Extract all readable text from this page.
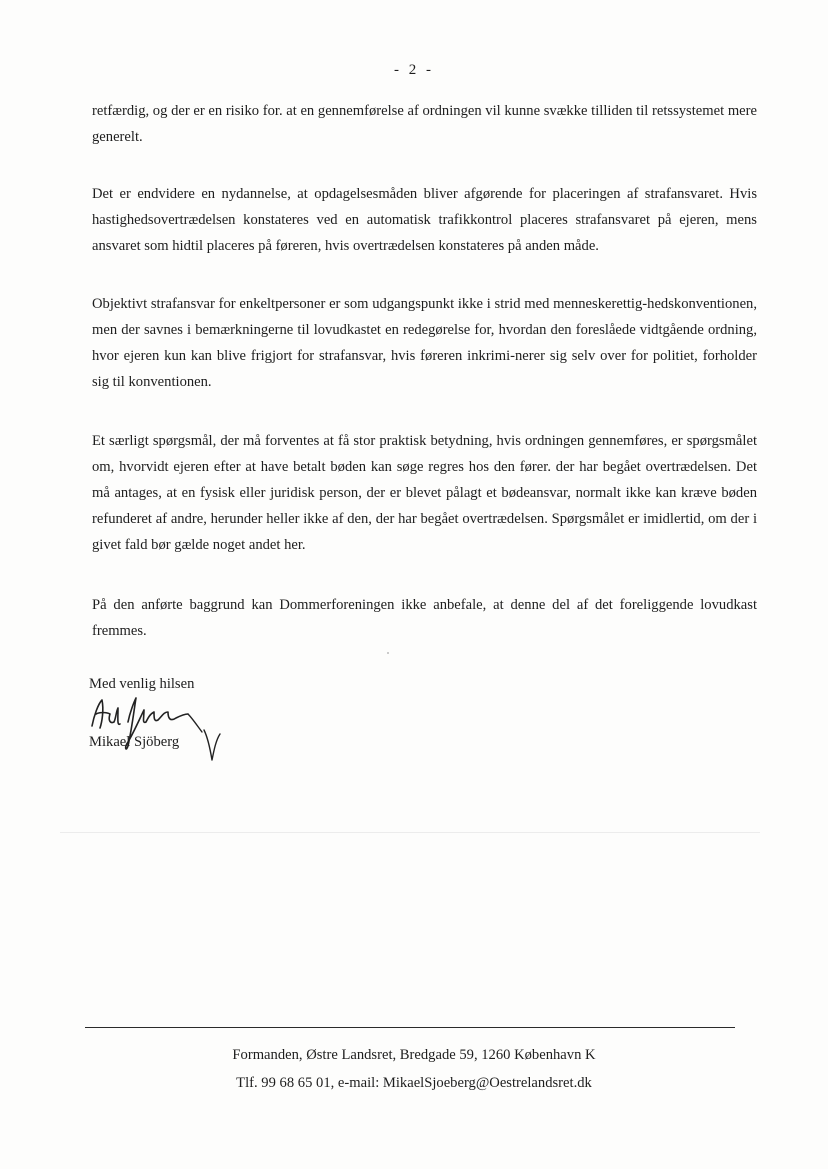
- 2 -

retfærdig, og der er en risiko for. at en gennemførelse af ordningen vil kunne svække tilliden til retssystemet mere generelt.

Det er endvidere en nydannelse, at opdagelsesmåden bliver afgørende for placeringen af strafansvaret. Hvis hastighedsovertrædelsen konstateres ved en automatisk trafikkontrol placeres strafansvaret på ejeren, mens ansvaret som hidtil placeres på føreren, hvis overtrædelsen konstateres på anden måde.

Objektivt strafansvar for enkeltpersoner er som udgangspunkt ikke i strid med menneskerettig-hedskonventionen, men der savnes i bemærkningerne til lovudkastet en redegørelse for, hvordan den foreslåede vidtgående ordning, hvor ejeren kun kan blive frigjort for strafansvar, hvis føreren inkrimi-nerer sig selv over for politiet, forholder sig til konventionen.

Et særligt spørgsmål, der må forventes at få stor praktisk betydning, hvis ordningen gennemføres, er spørgsmålet om, hvorvidt ejeren efter at have betalt bøden kan søge regres hos den fører. der har begået overtrædelsen. Det må antages, at en fysisk eller juridisk person, der er blevet pålagt et bødeansvar, normalt ikke kan kræve bøden refunderet af andre, herunder heller ikke af den, der har begået overtrædelsen. Spørgsmålet er imidlertid, om der i givet fald bør gælde noget andet her.

På den anførte baggrund kan Dommerforeningen ikke anbefale, at denne del af det foreliggende lovudkast fremmes.

Med venlig hilsen
Mikael Sjöberg
Formanden, Østre Landsret, Bredgade 59, 1260 København K
Tlf. 99 68 65 01, e-mail: MikaelSjoeberg@Oestrelandsret.dk
